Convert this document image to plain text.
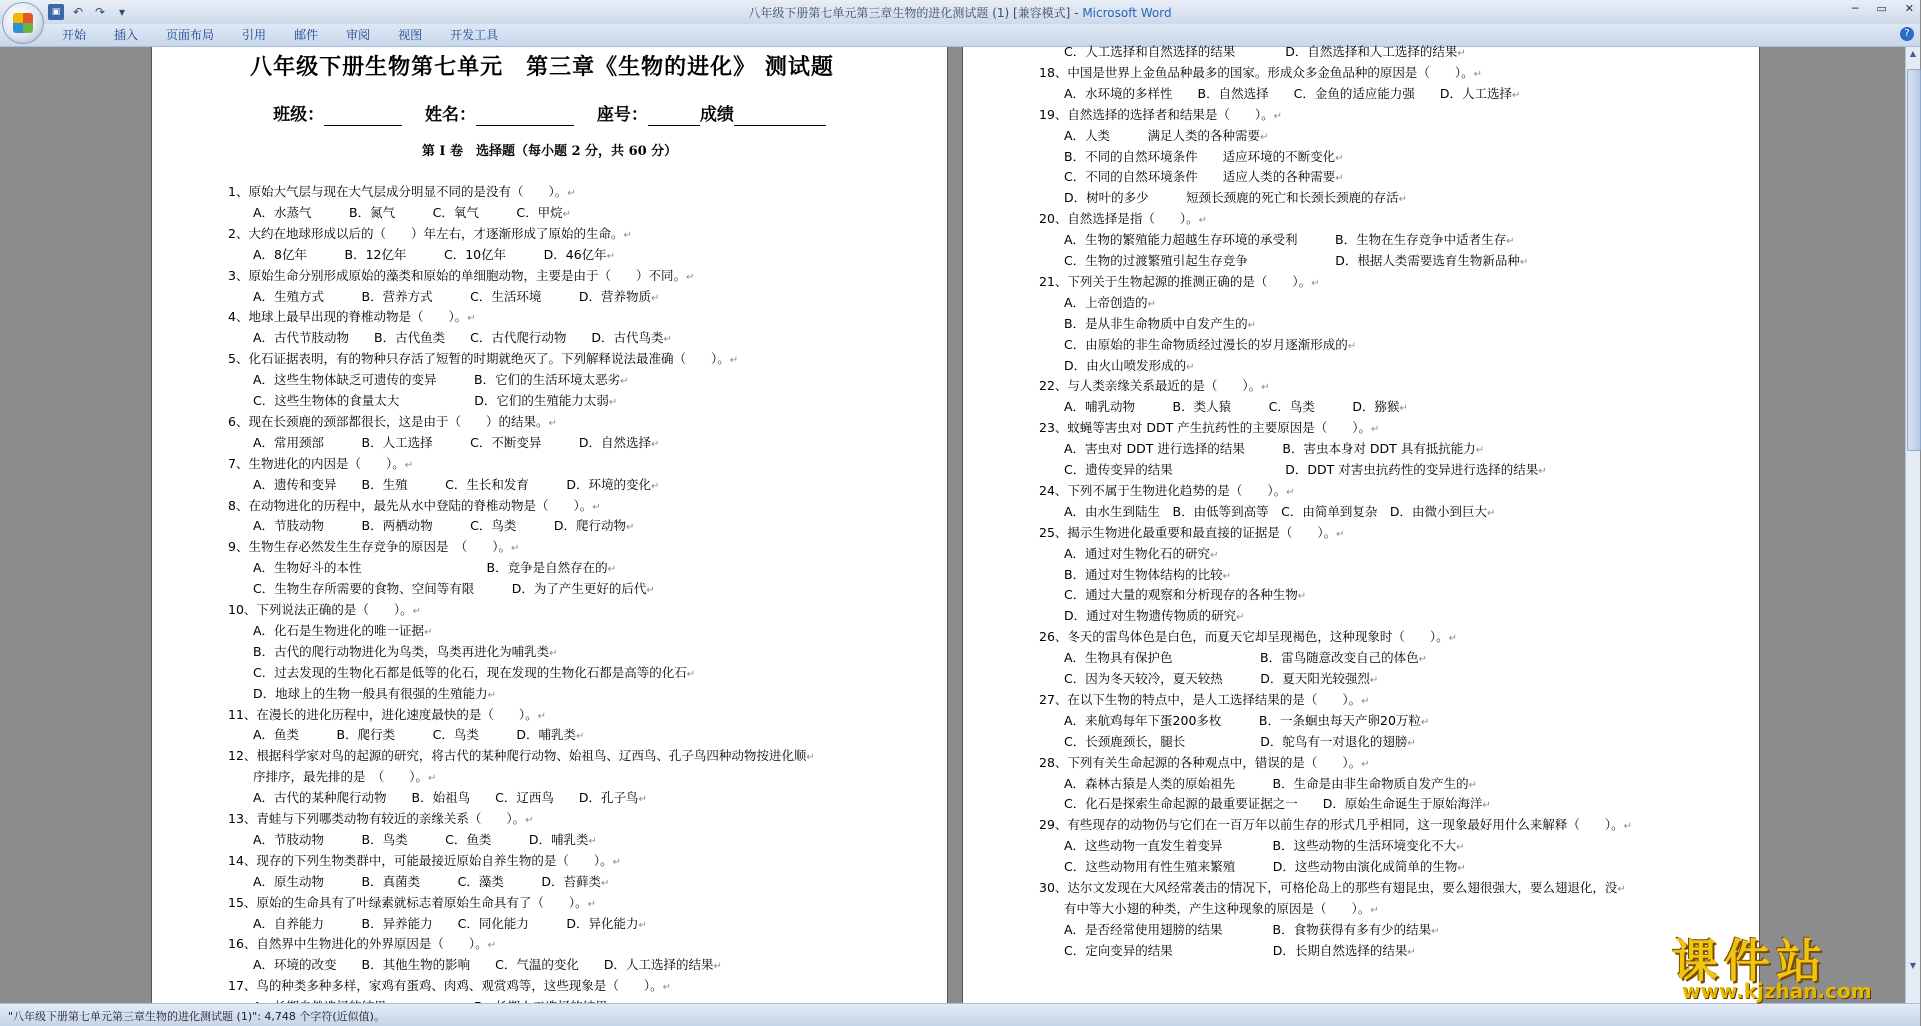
▣	↶ ↷	▾	八年级下册第七单元第三章生物的进化测试题 (1) [兼容模式] - Microsoft Word	─ ▭ ✕
开始	插入	页面布局	引用	邮件	审阅	视图	开发工具	?
八年级下册生物第七单元　第三章《生物的进化》 测试题
班级：　	姓名：　	座号：	成绩
第 I 卷　选择题（每小题 2 分，共 60 分）
1、原始大气层与现在大气层成分明显不同的是没有（　　）。↵
A．水蒸气　　　B．氮气　　　C．氧气　　　C．甲烷↵
2、大约在地球形成以后的（　　）年左右，才逐渐形成了原始的生命。↵
A．8亿年　　　B．12亿年　　　C．10亿年　　　D．46亿年↵
3、原始生命分别形成原始的藻类和原始的单细胞动物，主要是由于（　　）不同。↵
A．生殖方式　　　B．营养方式　　　C．生活环境　　　D．营养物质↵
4、地球上最早出现的脊椎动物是（　　）。↵
A．古代节肢动物　　B．古代鱼类　　C．古代爬行动物　　D．古代鸟类↵
5、化石证据表明，有的物种只存活了短暂的时期就绝灭了。下列解释说法最准确（　　）。↵
A．这些生物体缺乏可遗传的变异　　　B．它们的生活环境太恶劣↵
C．这些生物体的食量太大　　　　　　D．它们的生殖能力太弱↵
6、现在长颈鹿的颈部都很长，这是由于（　　）的结果。↵
A．常用颈部　　　B．人工选择　　　C．不断变异　　　D．自然选择↵
7、生物进化的内因是（　　）。↵
A．遗传和变异　　B．生殖　　　C．生长和发育　　　D．环境的变化↵
8、在动物进化的历程中，最先从水中登陆的脊椎动物是（　　）。↵
A．节肢动物　　　B．两栖动物　　　C．鸟类　　　D．爬行动物↵
9、生物生存必然发生生存竞争的原因是　（　　）。↵
A．生物好斗的本性　　　　　　　　　　B．竞争是自然存在的↵
C．生物生存所需要的食物、空间等有限　　　D．为了产生更好的后代↵
10、下列说法正确的是（　　）。↵
A．化石是生物进化的唯一证据↵
B．古代的爬行动物进化为鸟类，鸟类再进化为哺乳类↵
C．过去发现的生物化石都是低等的化石，现在发现的生物化石都是高等的化石↵
D．地球上的生物一般具有很强的生殖能力↵
11、在漫长的进化历程中，进化速度最快的是（　　）。↵
A．鱼类　　　B．爬行类　　　C．鸟类　　　D．哺乳类↵
12、根据科学家对鸟的起源的研究，将古代的某种爬行动物、始祖鸟、辽西鸟、孔子鸟四种动物按进化顺↵
序排序，最先排的是　（　　）。↵
A．古代的某种爬行动物　　B．始祖鸟　　C．辽西鸟　　D．孔子鸟↵
13、青蛙与下列哪类动物有较近的亲缘关系（　　）。↵
A．节肢动物　　　B．鸟类　　　C．鱼类　　　D．哺乳类↵
14、现存的下列生物类群中，可能最接近原始自养生物的是（　　）。↵
A．原生动物　　　B．真菌类　　　C．藻类　　　D．苔藓类↵
15、原始的生命具有了叶绿素就标志着原始生命具有了（　　）。↵
A．自养能力　　　B．异养能力　　C．同化能力　　　D．异化能力↵
16、自然界中生物进化的外界原因是（　　）。↵
A．环境的改变　　B．其他生物的影响　　C．气温的变化　　D．人工选择的结果↵
17、鸟的种类多种多样，家鸡有蛋鸡、肉鸡、观赏鸡等，这些现象是（　　）。↵
C．人工选择和自然选择的结果　　　　D．自然选择和人工选择的结果↵
18、中国是世界上金鱼品种最多的国家。形成众多金鱼品种的原因是（　　）。↵
A．水环境的多样性　　B．自然选择　　C．金鱼的适应能力强　　D．人工选择↵
19、自然选择的选择者和结果是（　　）。↵
A．人类　　　满足人类的各种需要↵
B．不同的自然环境条件　　适应环境的不断变化↵
C．不同的自然环境条件　　适应人类的各种需要↵
D．树叶的多少　　　短颈长颈鹿的死亡和长颈长颈鹿的存活↵
20、自然选择是指（　　）。↵
A．生物的繁殖能力超越生存环境的承受利　　　B．生物在生存竞争中适者生存↵
C．生物的过渡繁殖引起生存竞争　　　　　　　D．根据人类需要选育生物新品种↵
21、下列关于生物起源的推测正确的是（　　）。↵
A．上帝创造的↵
B．是从非生命物质中自发产生的↵
C．由原始的非生命物质经过漫长的岁月逐渐形成的↵
D．由火山喷发形成的↵
22、与人类亲缘关系最近的是（　　）。↵
A．哺乳动物　　　B．类人猿　　　C．鸟类　　　D．猕猴↵
23、蚊蝇等害虫对 DDT 产生抗药性的主要原因是（　　）。↵
A．害虫对 DDT 进行选择的结果　　　B．害虫本身对 DDT 具有抵抗能力↵
C．遗传变异的结果　　　　　　　　　D．DDT 对害虫抗药性的变异进行选择的结果↵
24、下列不属于生物进化趋势的是（　　）。↵
A．由水生到陆生　B．由低等到高等　C．由简单到复杂　D．由微小到巨大↵
25、揭示生物进化最重要和最直接的证据是（　　）。↵
A．通过对生物化石的研究↵
B．通过对生物体结构的比较↵
C．通过大量的观察和分析现存的各种生物↵
D．通过对生物遗传物质的研究↵
26、冬天的雷鸟体色是白色，而夏天它却呈现褐色，这种现象时（　　）。↵
A．生物具有保护色　　　　　　　B．雷鸟随意改变自己的体色↵
C．因为冬天较冷，夏天较热　　　D．夏天阳光较强烈↵
27、在以下生物的特点中，是人工选择结果的是（　　）。↵
A．来航鸡每年下蛋200多枚　　　B．一条蛔虫每天产卵20万粒↵
C．长颈鹿颈长，腿长　　　　　　D．鸵鸟有一对退化的翅膀↵
28、下列有关生命起源的各种观点中，错误的是（　　）。↵
A．森林古猿是人类的原始祖先　　　B．生命是由非生命物质自发产生的↵
C．化石是探索生命起源的最重要证据之一　　D．原始生命诞生于原始海洋↵
29、有些现存的动物仍与它们在一百万年以前生存的形式几乎相同，这一现象最好用什么来解释（　　）。↵
A．这些动物一直发生着变异　　　　B．这些动物的生活环境变化不大↵
C．这些动物用有性生殖来繁殖　　　D．这些动物由演化成简单的生物↵
30、达尔文发现在大风经常袭击的情况下，可格伦岛上的那些有翅昆虫，要么翅很强大，要么翅退化，没↵
有中等大小翅的种类，产生这种现象的原因是（　　）。↵
A．是否经常使用翅膀的结果　　　　B．食物获得有多有少的结果↵
C．定向变异的结果　　　　　　　　D．长期自然选择的结果↵
▲
▼
"八年级下册第七单元第三章生物的进化测试题 (1)": 4,748 个字符(近似值)。
课件站
www.kjzhan.com
